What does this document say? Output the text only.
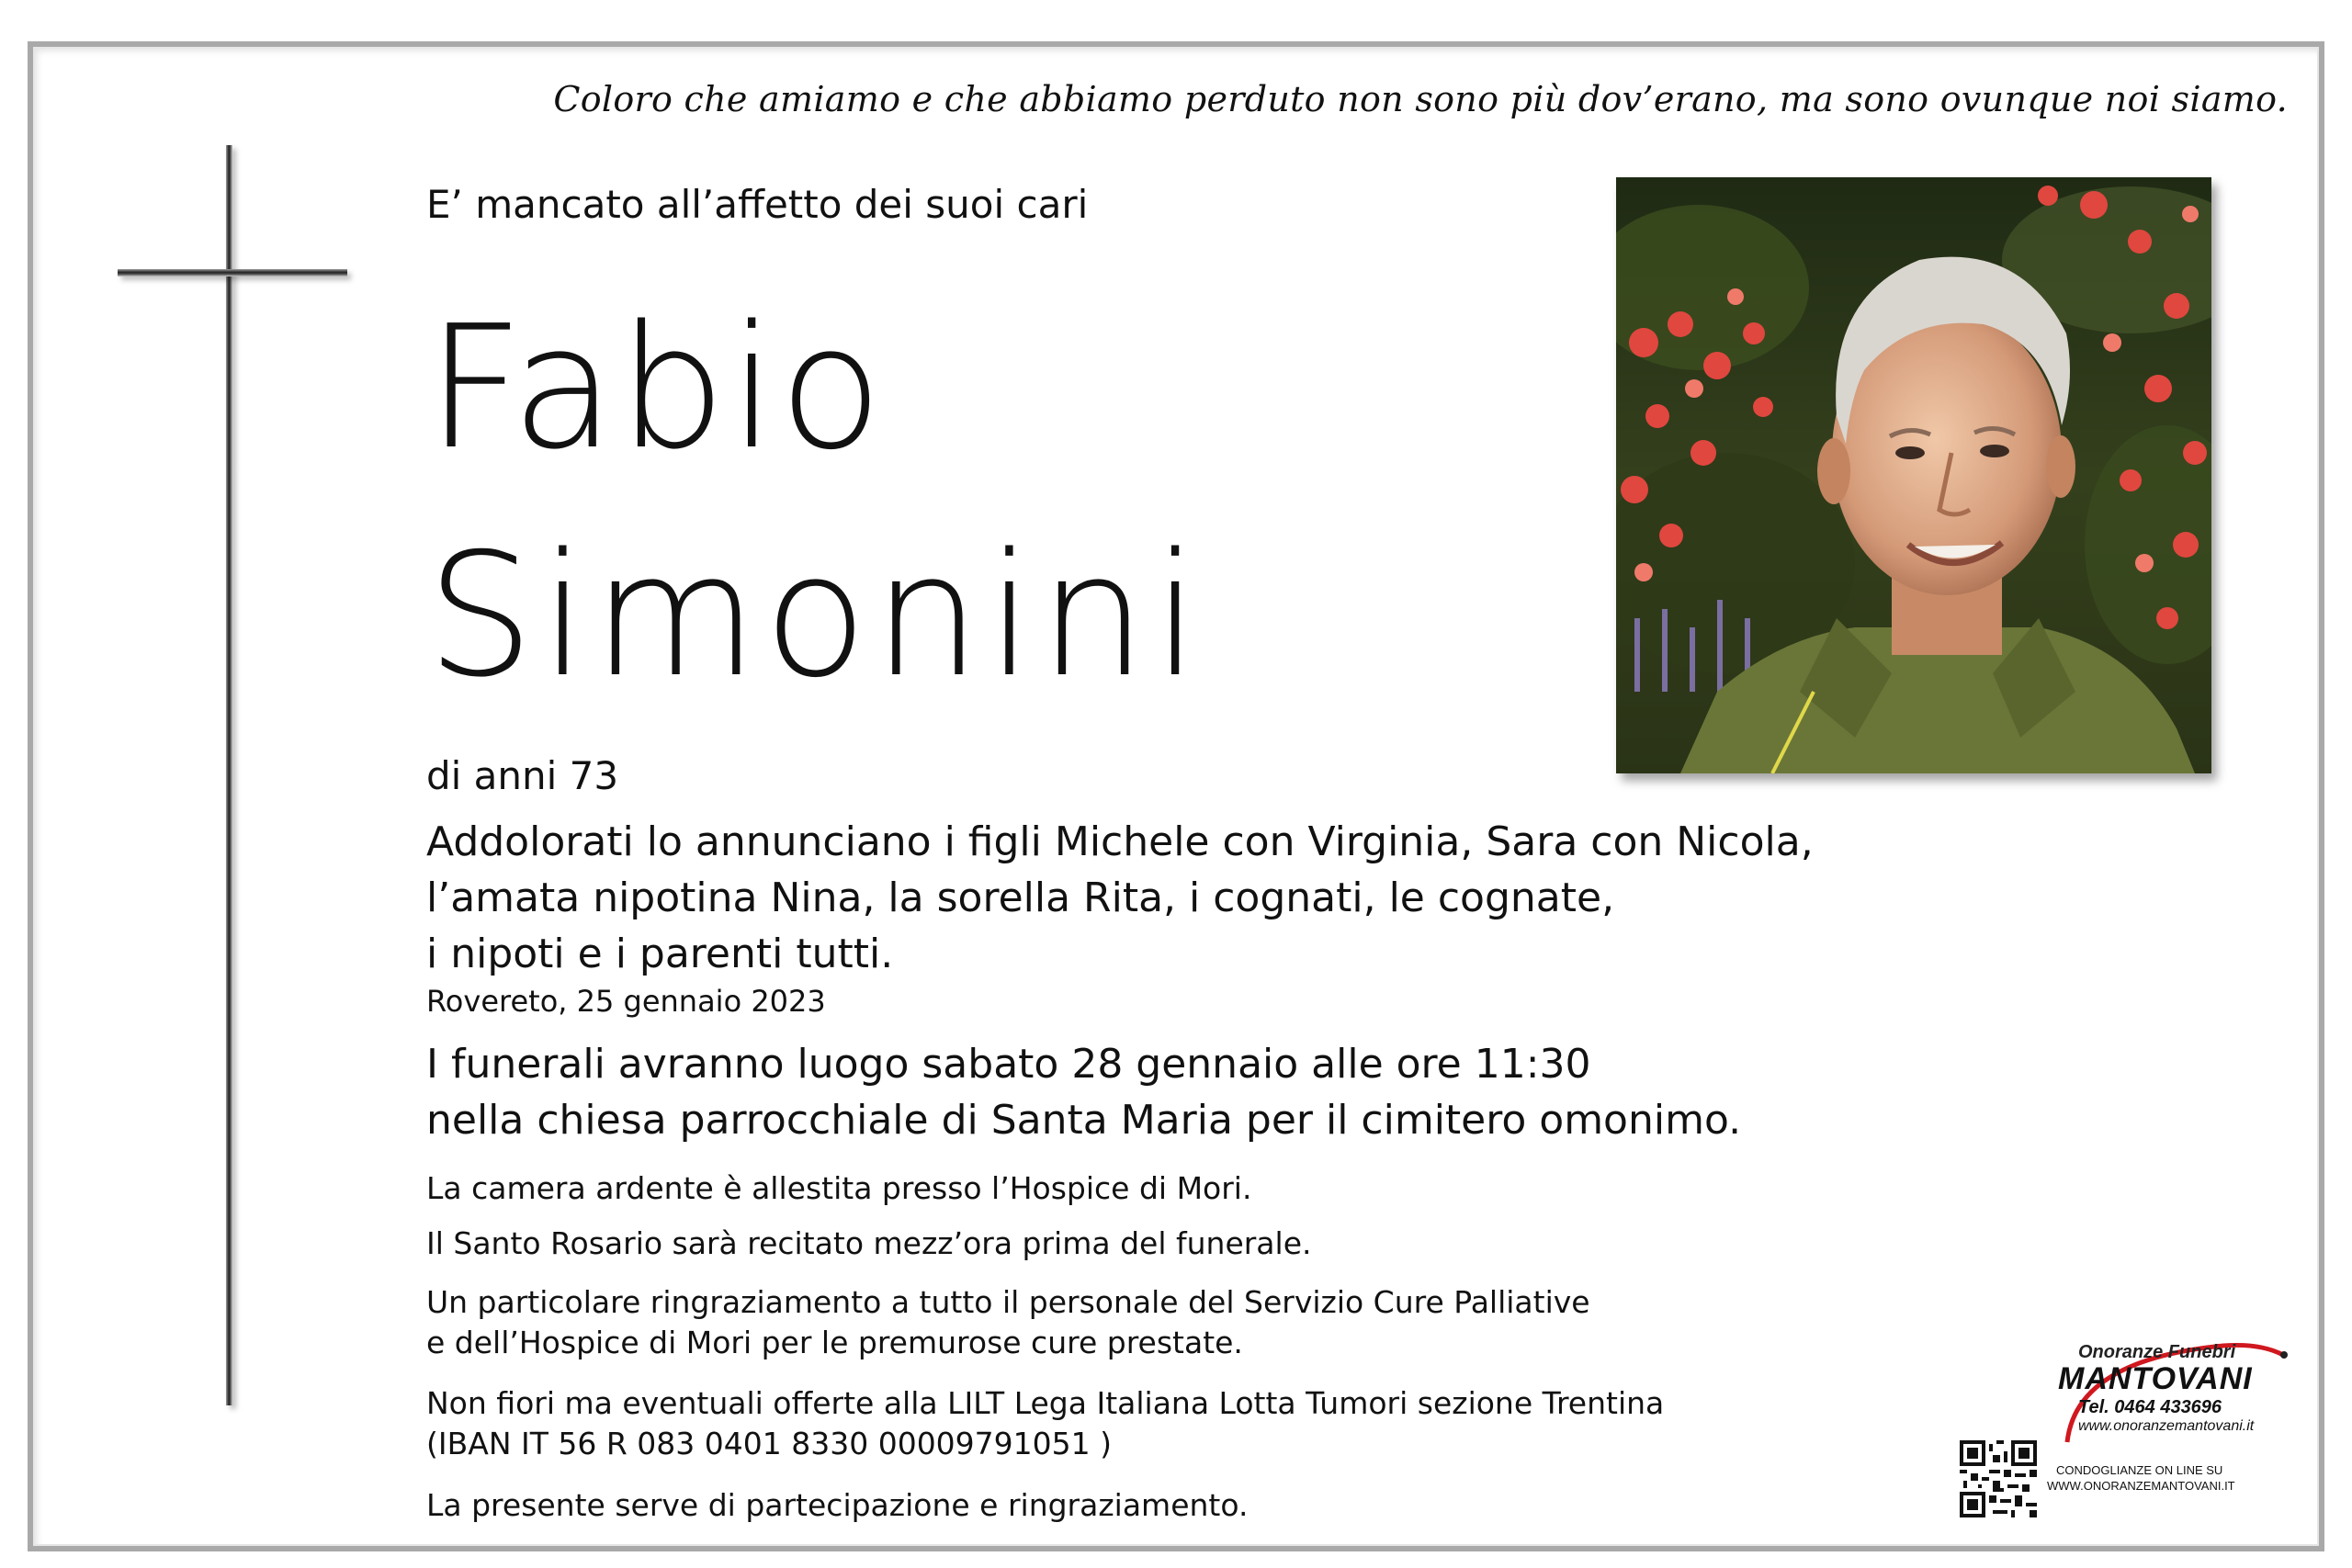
Coloro che amiamo e che abbiamo perduto non sono più dov’erano, ma sono ovunque noi siamo.
E’ mancato all’affetto dei suoi cari
Fabio
Simonini
di anni 73
Addolorati lo annunciano i figli Michele con Virginia, Sara con Nicola,
l’amata nipotina Nina, la sorella Rita, i cognati, le cognate,
i nipoti e i parenti tutti.
Rovereto, 25 gennaio 2023
I funerali avranno luogo sabato 28 gennaio alle ore 11:30
nella chiesa parrocchiale di Santa Maria per il cimitero omonimo.
La camera ardente è allestita presso l’Hospice di Mori.
Il Santo Rosario sarà recitato mezz’ora prima del funerale.
Un particolare ringraziamento a tutto il personale del Servizio Cure Palliative
e dell’Hospice di Mori per le premurose cure prestate.
Non fiori ma eventuali offerte alla LILT Lega Italiana Lotta Tumori sezione Trentina
(IBAN IT 56 R 083 0401 8330 00009791051 )
La presente serve di partecipazione e ringraziamento.
Onoranze Funebri
MANTOVANI
Tel. 0464 433696
www.onoranzemantovani.it
CONDOGLIANZE ON LINE SU
WWW.ONORANZEMANTOVANI.IT
